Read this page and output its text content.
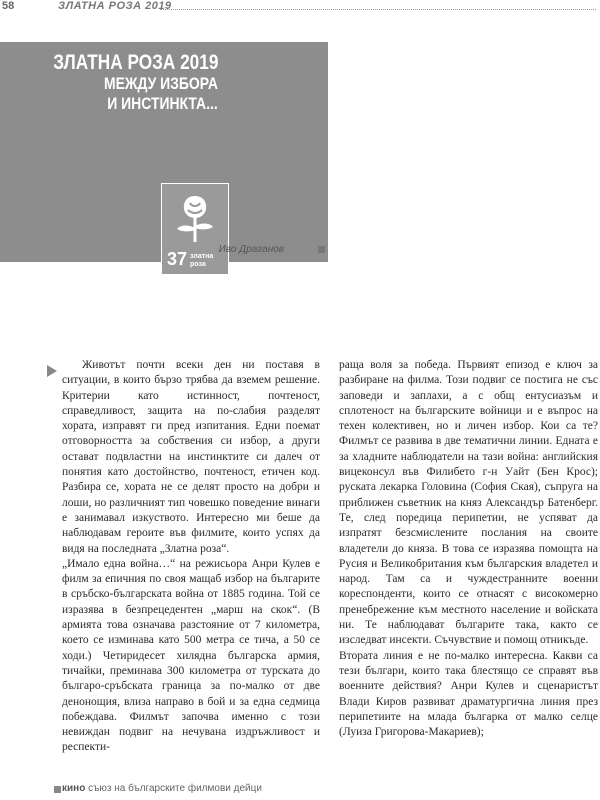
58	ЗЛАТНА РОЗА 2019
ЗЛАТНА РОЗА 2019
МЕЖДУ ИЗБОРА
И ИНСТИНКТА...
37 златна роза
Иво Драганов

Животът почти всеки ден ни поставя в ситуации, в които бързо трябва да вземем решение. Критерии като истинност, почтеност, справедливост, защита на по-слабия разделят хората, изправят ги пред изпитания. Едни поемат отговорността за собствения си избор, а други остават подвластни на инстинктите си далеч от понятия като достойнство, почтеност, етичен код. Разбира се, хората не се делят просто на добри и лоши, но различният тип човешко поведение винаги е занимавал изкуството. Интересно ми беше да наблюдавам героите във филмите, които успях да видя на последната „Златна роза“.

„Имало една война…“ на режисьора Анри Кулев е филм за епичния по своя мащаб избор на българите в сръбско-българската война от 1885 година. Той се изразява в безпрецедентен „марш на скок“. (В армията това означава разстояние от 7 километра, което се изминава като 500 метра се тича, а 50 се ходи.) Четиридесет хилядна българска армия, тичайки, преминава 300 километра от турската до българо-сръбската граница за по-малко от две денонощия, влиза направо в бой и за една седмица побеждава. Филмът започва именно с този невиждан подвиг на нечувана издръжливост и респекти-

раща воля за победа. Първият епизод е ключ за разбиране на филма. Този подвиг се постига не със заповеди и заплахи, а с общ ентусиазъм и сплотеност на българските войници и е въпрос на техен колективен, но и личен избор. Кои са те? Филмът се развива в две тематични линии. Едната е за хладните наблюдатели на тази война: английския вицеконсул във Филибето г-н Уайт (Бен Крос); руската лекарка Головина (София Ская), съпруга на приближен съветник на княз Александър Батенберг. Те, след поредица перипетии, не успяват да изпратят безсмислените послания на своите владетели до княза. В това се изразява помощта на Русия и Великобритания към българския владетел и народ. Там са и чуждестранните военни кореспонденти, които се отнасят с високомерно пренебрежение към местното население и войската ни. Те наблюдават българите така, както се изследват инсекти. Съчувствие и помощ отникъде.

Втората линия е не по-малко интересна. Какви са тези българи, които така блестящо се справят във военните действия? Анри Кулев и сценаристът Влади Киров развиват драматургична линия през перипетиите на млада българка от малко селце (Луиза Григорова-Макариев);

кино съюз на българските филмови дейци
